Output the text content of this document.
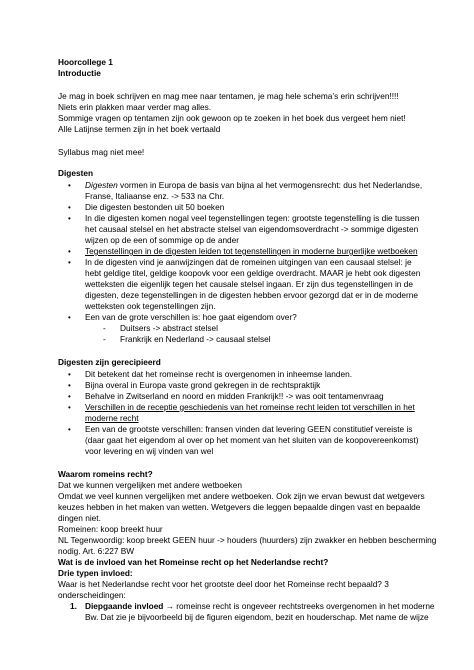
Hoorcollege 1
Introductie
Je mag in boek schrijven en mag mee naar tentamen, je mag hele schema’s erin schrijven!!!!
Niets erin plakken maar verder mag alles.
Sommige vragen op tentamen zijn ook gewoon op te zoeken in het boek dus vergeet hem niet!
Alle Latijnse termen zijn in het boek vertaald
Syllabus mag niet mee!
Digesten
• Digesten vormen in Europa de basis van bijna al het vermogensrecht: dus het Nederlandse,
Franse, Italiaanse enz. -> 533 na Chr.
• Die digesten bestonden uit 50 boeken
• In die digesten komen nogal veel tegenstellingen tegen: grootste tegenstelling is die tussen
het causaal stelsel en het abstracte stelsel van eigendomsoverdracht -> sommige digesten
wijzen op de een of sommige op de ander
• Tegenstellingen in de digesten leiden tot tegenstellingen in moderne burgerlijke wetboeken
• In de digesten vind je aanwijzingen dat de romeinen uitgingen van een causaal stelsel: je
hebt geldige titel, geldige koopovk voor een geldige overdracht. MAAR je hebt ook digesten
wetteksten die eigenlijk tegen het causale stelsel ingaan. Er zijn dus tegenstellingen in de
digesten, deze tegenstellingen in de digesten hebben ervoor gezorgd dat er in de moderne
wetteksten ook tegenstellingen zijn.
• Een van de grote verschillen is: hoe gaat eigendom over?
- Duitsers -> abstract stelsel
- Frankrijk en Nederland -> causaal stelsel
Digesten zijn gerecipieerd
• Dit betekent dat het romeinse recht is overgenomen in inheemse landen.
• Bijna overal in Europa vaste grond gekregen in de rechtspraktijk
• Behalve in Zwitserland en noord en midden Frankrijk!! -> was ooit tentamenvraag
• Verschillen in de receptie geschiedenis van het romeinse recht leiden tot verschillen in het
moderne recht
• Een van de grootste verschillen: fransen vinden dat levering GEEN constitutief vereiste is
(daar gaat het eigendom al over op het moment van het sluiten van de koopovereenkomst)
voor levering en wij vinden van wel
Waarom romeins recht?
Dat we kunnen vergelijken met andere wetboeken
Omdat we veel kunnen vergelijken met andere wetboeken. Ook zijn we ervan bewust dat wetgevers
keuzes hebben in het maken van wetten. Wetgevers die leggen bepaalde dingen vast en bepaalde
dingen niet.
Romeinen: koop breekt huur
NL Tegenwoordig: koop breekt GEEN huur -> houders (huurders) zijn zwakker en hebben bescherming
nodig. Art. 6:227 BW
Wat is de invloed van het Romeinse recht op het Nederlandse recht?
Drie typen invloed:
Waar is het Nederlandse recht voor het grootste deel door het Romeinse recht bepaald? 3
onderscheidingen:
1. Diepgaande invloed → romeinse recht is ongeveer rechtstreeks overgenomen in het moderne
Bw. Dat zie je bijvoorbeeld bij de figuren eigendom, bezit en houderschap. Met name de wijze
